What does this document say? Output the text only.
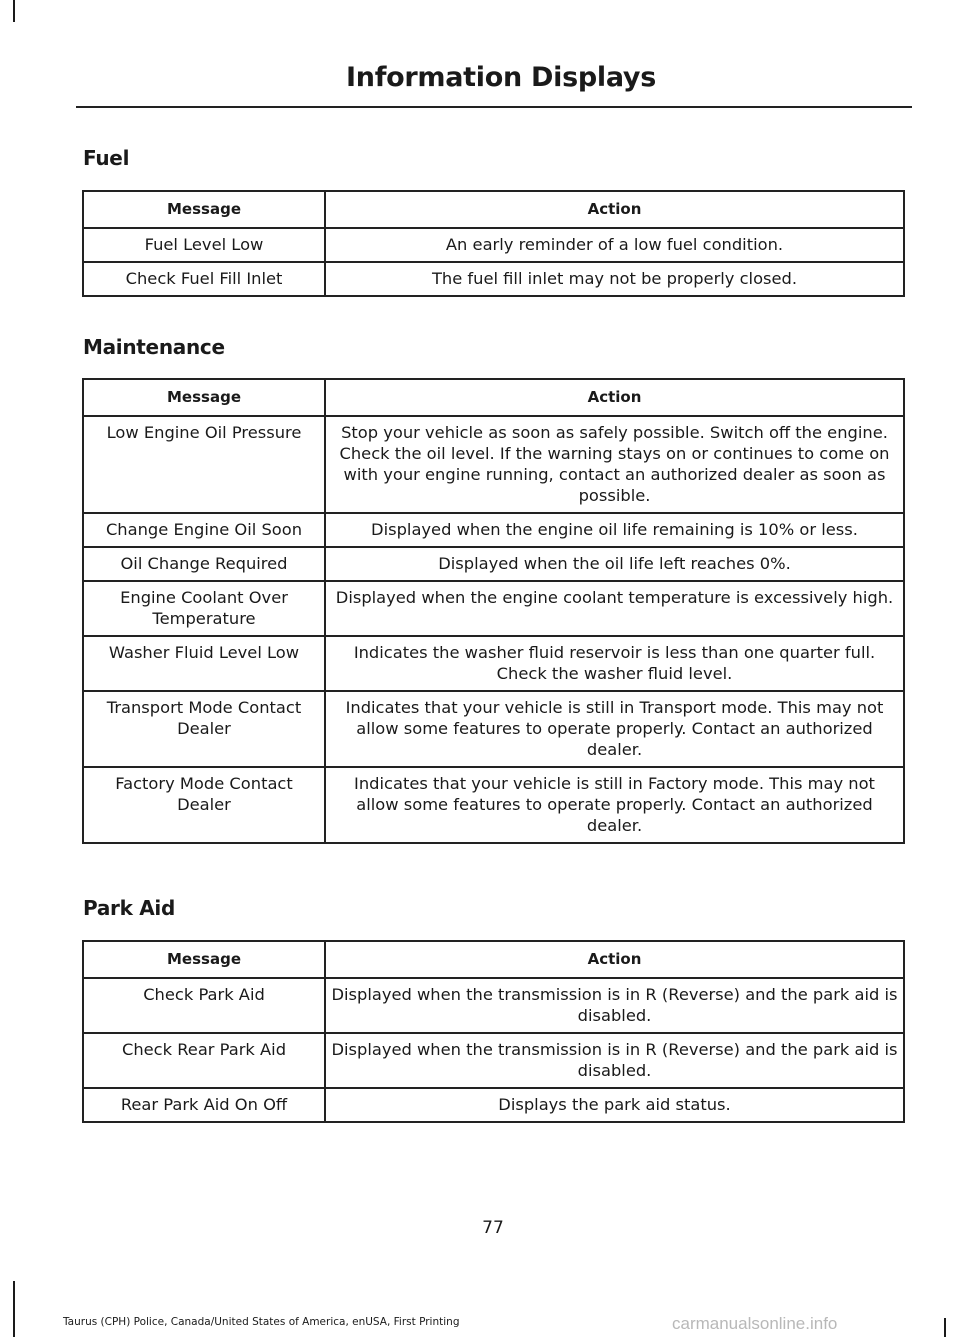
Information Displays
Fuel
Message	Action
Fuel Level Low	An early reminder of a low fuel condition.
Check Fuel Fill Inlet	The fuel fill inlet may not be properly closed.
Maintenance
Message	Action
Low Engine Oil Pressure	Stop your vehicle as soon as safely possible. Switch off the engine. Check the oil level. If the warning stays on or continues to come on with your engine running, contact an authorized dealer as soon as possible.
Change Engine Oil Soon	Displayed when the engine oil life remaining is 10% or less.
Oil Change Required	Displayed when the oil life left reaches 0%.
Engine Coolant Over Temperature	Displayed when the engine coolant temperature is excessively high.
Washer Fluid Level Low	Indicates the washer fluid reservoir is less than one quarter full. Check the washer fluid level.
Transport Mode Contact Dealer	Indicates that your vehicle is still in Transport mode. This may not allow some features to operate properly. Contact an authorized dealer.
Factory Mode Contact Dealer	Indicates that your vehicle is still in Factory mode. This may not allow some features to operate properly. Contact an authorized dealer.
Park Aid
Message	Action
Check Park Aid	Displayed when the transmission is in R (Reverse) and the park aid is disabled.
Check Rear Park Aid	Displayed when the transmission is in R (Reverse) and the park aid is disabled.
Rear Park Aid On Off	Displays the park aid status.
77
Taurus (CPH) Police, Canada/United States of America, enUSA, First Printing	carmanualsonline.info
